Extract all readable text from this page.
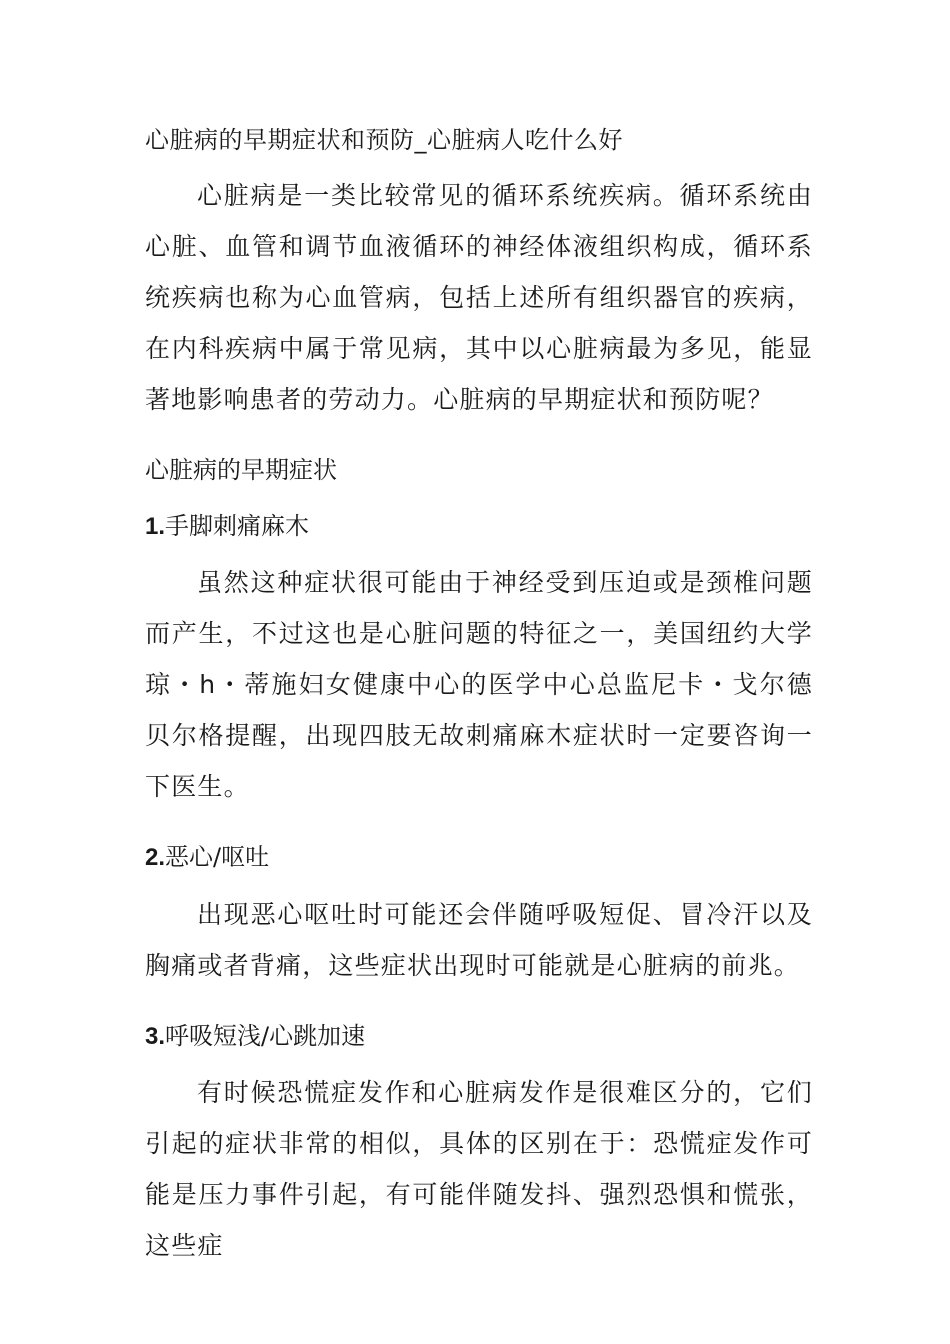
心脏病的早期症状和预防_心脏病人吃什么好

心脏病是一类比较常见的循环系统疾病。循环系统由心脏、血管和调节血液循环的神经体液组织构成，循环系统疾病也称为心血管病，包括上述所有组织器官的疾病，在内科疾病中属于常见病，其中以心脏病最为多见，能显著地影响患者的劳动力。心脏病的早期症状和预防呢？

心脏病的早期症状
1.手脚刺痛麻木

虽然这种症状很可能由于神经受到压迫或是颈椎问题而产生，不过这也是心脏问题的特征之一，美国纽约大学琼・h・蒂施妇女健康中心的医学中心总监尼卡・戈尔德贝尔格提醒，出现四肢无故刺痛麻木症状时一定要咨询一下医生。

2.恶心/呕吐

出现恶心呕吐时可能还会伴随呼吸短促、冒冷汗以及胸痛或者背痛，这些症状出现时可能就是心脏病的前兆。

3.呼吸短浅/心跳加速

有时候恐慌症发作和心脏病发作是很难区分的，它们引起的症状非常的相似，具体的区别在于：恐慌症发作可能是压力事件引起，有可能伴随发抖、强烈恐惧和慌张，这些症
